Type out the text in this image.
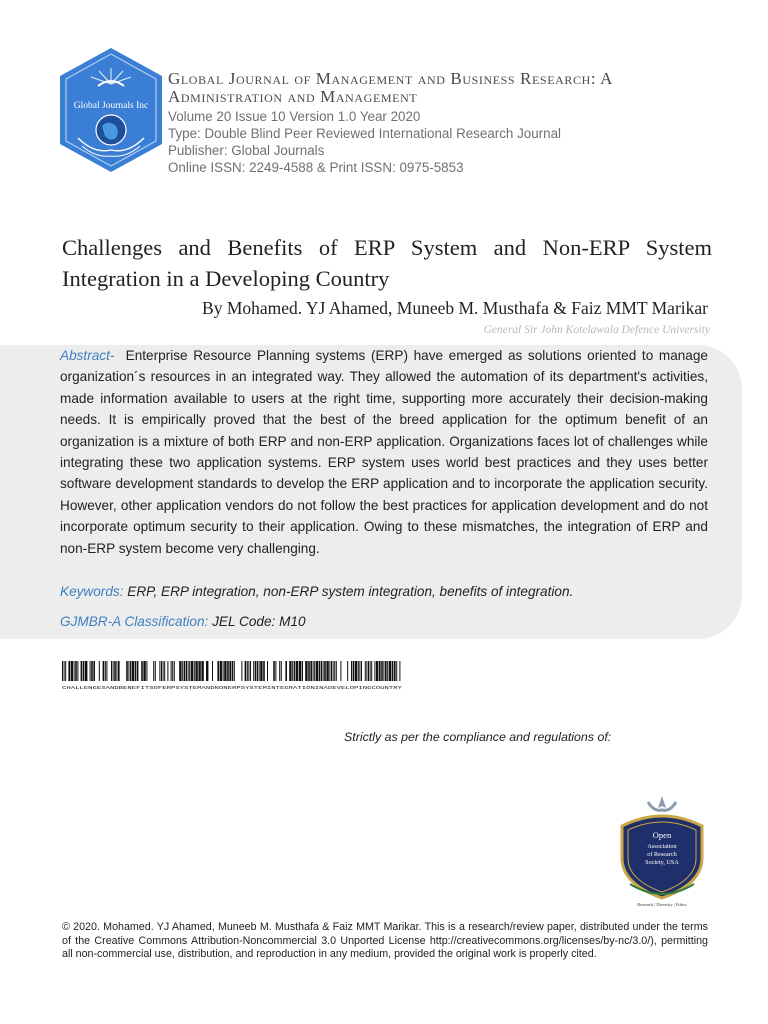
Global Journals Inc
Global Journal of Management and Business Research: A
Administration and Management
Volume 20 Issue 10 Version 1.0 Year 2020
Type: Double Blind Peer Reviewed International Research Journal
Publisher: Global Journals
Online ISSN: 2249-4588 & Print ISSN: 0975-5853
Challenges and Benefits of ERP System and Non-ERP System Integration in a Developing Country
By Mohamed. YJ Ahamed, Muneeb M. Musthafa & Faiz MMT Marikar
General Sir John Kotelawala Defence University
Abstract- Enterprise Resource Planning systems (ERP) have emerged as solutions oriented to manage organization´s resources in an integrated way. They allowed the automation of its department's activities, made information available to users at the right time, supporting more accurately their decision-making needs. It is empirically proved that the best of the breed application for the optimum benefit of an organization is a mixture of both ERP and non-ERP application. Organizations faces lot of challenges while integrating these two application systems. ERP system uses world best practices and they uses better software development standards to develop the ERP application and to incorporate the application security. However, other application vendors do not follow the best practices for application development and do not incorporate optimum security to their application. Owing to these mismatches, the integration of ERP and non-ERP system become very challenging.
Keywords: ERP, ERP integration, non-ERP system integration, benefits of integration.
GJMBR-A Classification: JEL Code: M10
CHALLENGESANDBENEFITSOFERPSYSTEMANDNONERPSYSTEMINTEGRATIONINADEVELOPINGCOUNTRY
Strictly as per the compliance and regulations of:
Open
Association
of Research
Society, USA
Research | Diversity | Ethics
© 2020. Mohamed. YJ Ahamed, Muneeb M. Musthafa & Faiz MMT Marikar. This is a research/review paper, distributed under the terms of the Creative Commons Attribution-Noncommercial 3.0 Unported License http://creativecommons.org/licenses/by-nc/3.0/), permitting all non-commercial use, distribution, and reproduction in any medium, provided the original work is properly cited.
